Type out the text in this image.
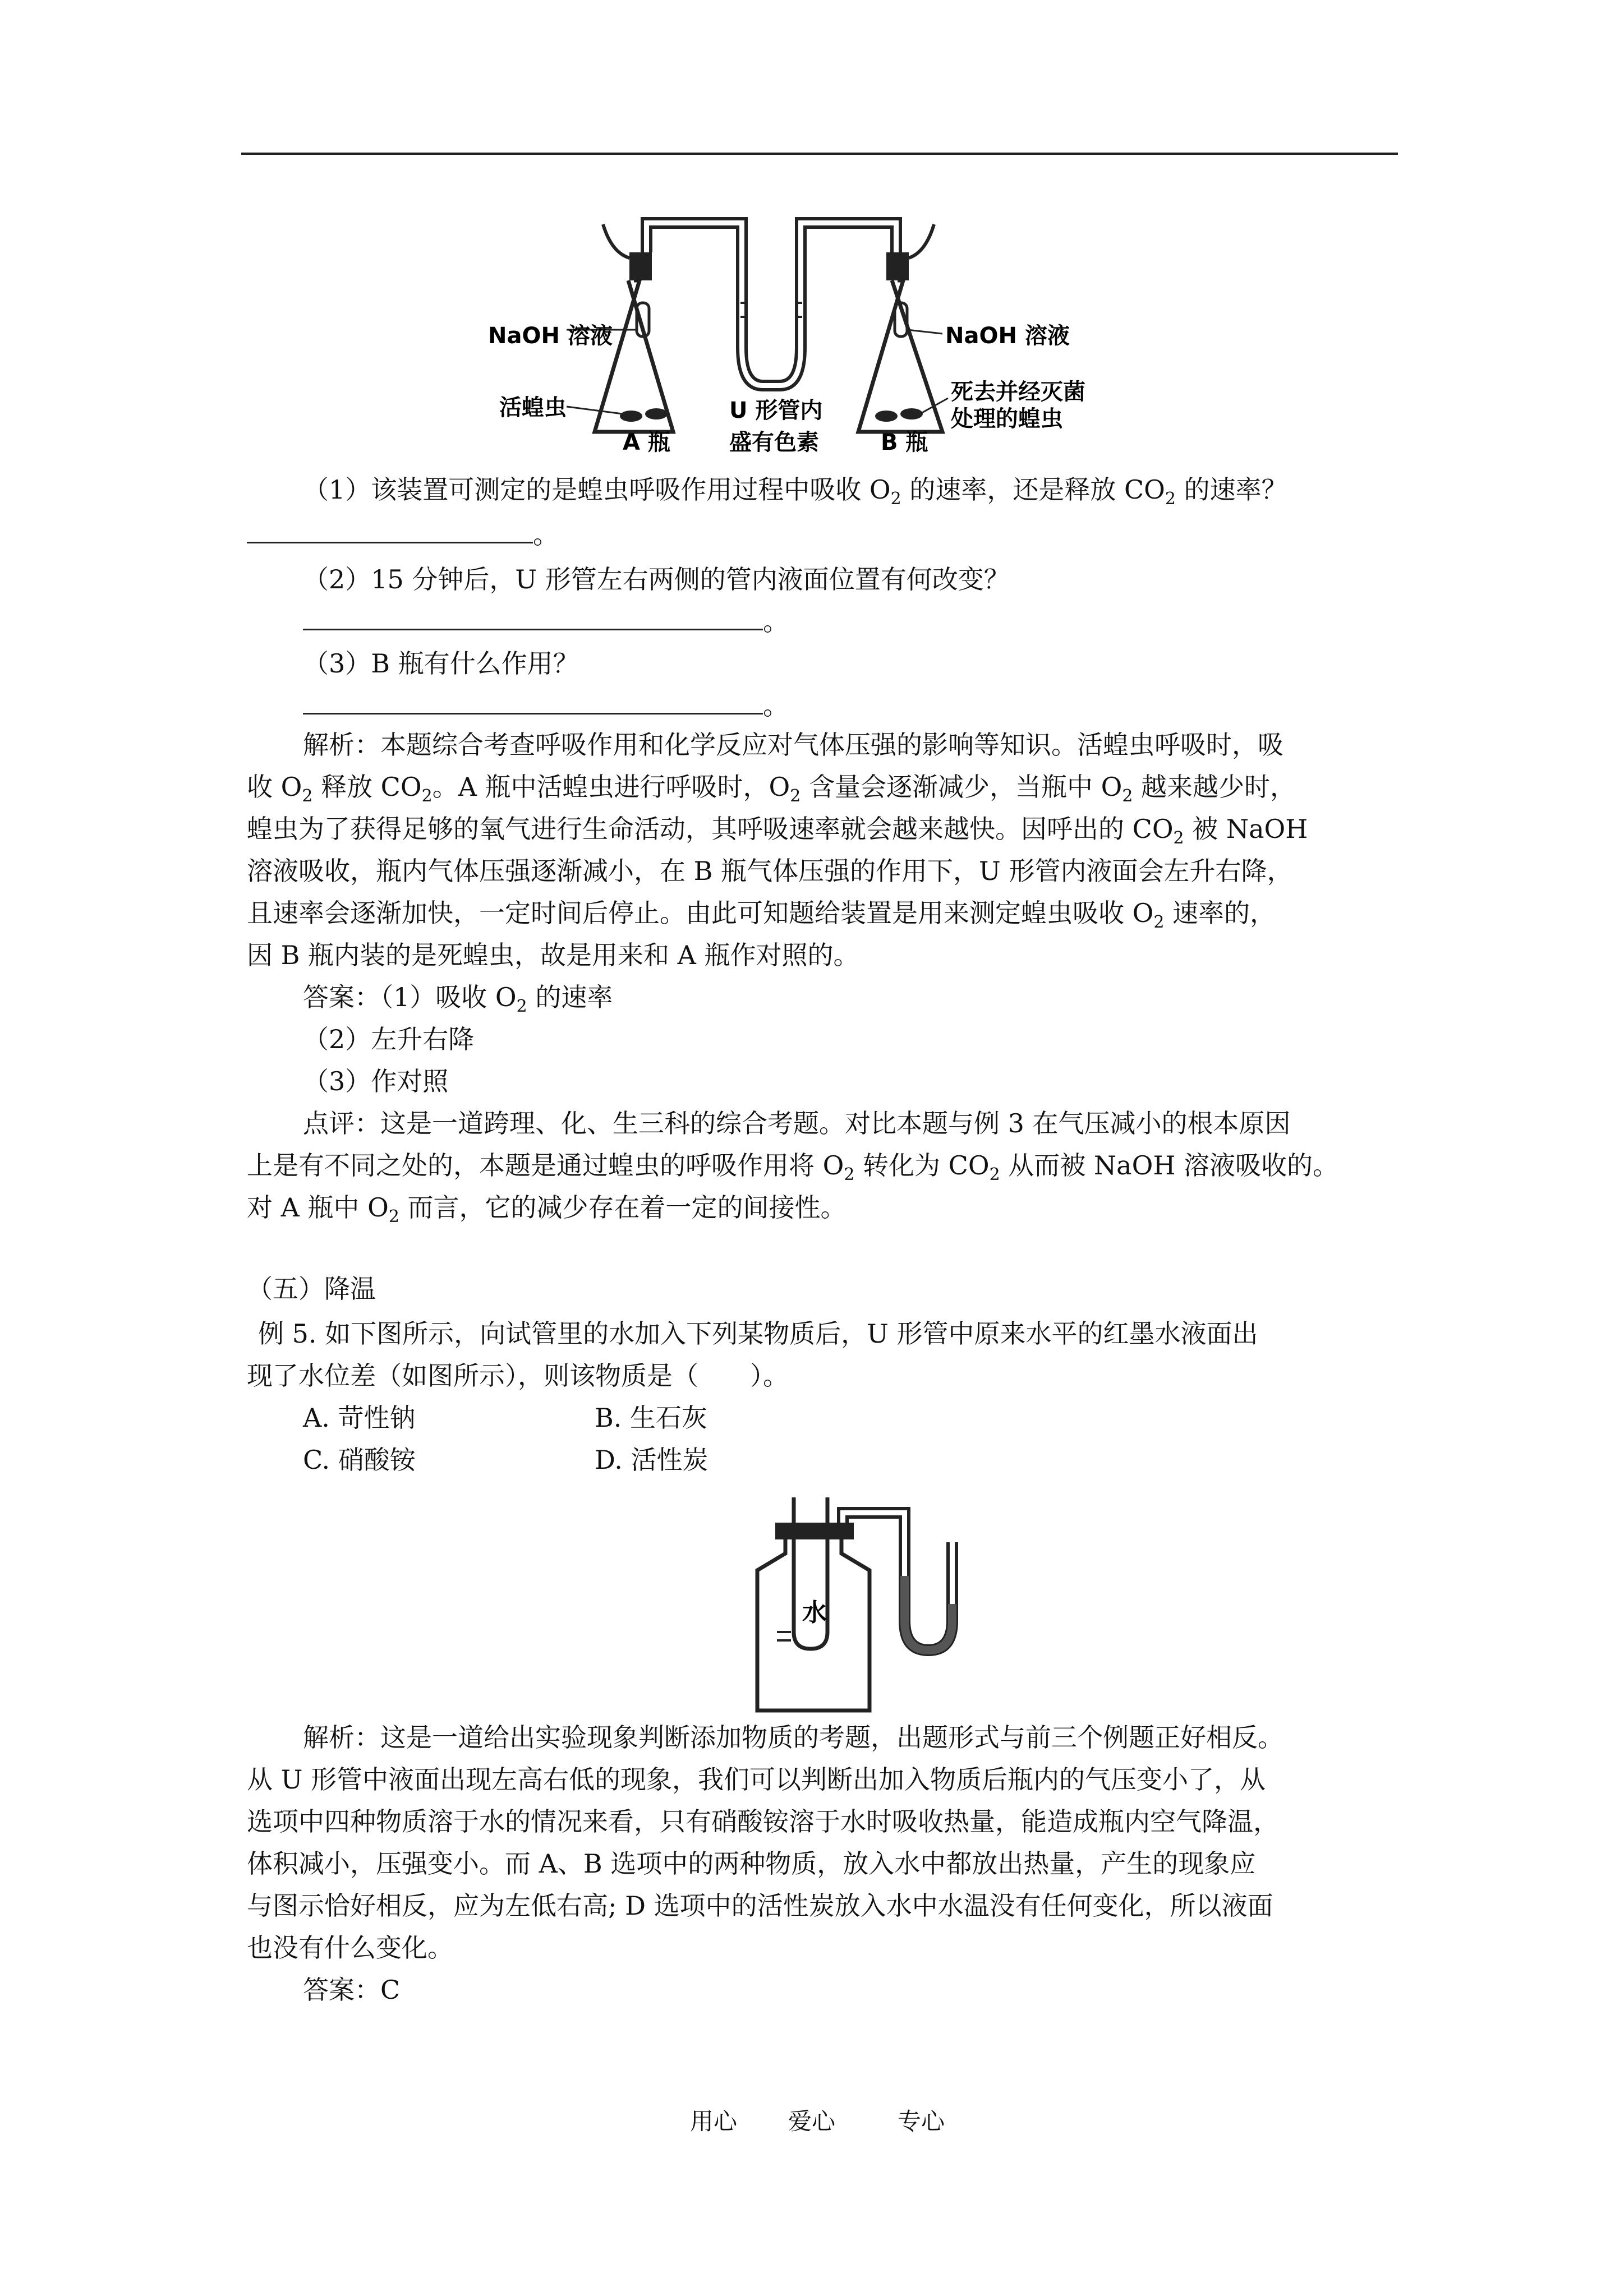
NaOH 溶液
活蝗虫
NaOH 溶液
死去并经灭菌
处理的蝗虫
U 形管内
盛有色素
A 瓶	B 瓶
（1）该装置可测定的是蝗虫呼吸作用过程中吸收 $O_2$ 的速率，还是释放 $CO_2$ 的速率？
。
（2）15 分钟后，U 形管左右两侧的管内液面位置有何改变？
。
（3）B 瓶有什么作用？
。
解析：本题综合考查呼吸作用和化学反应对气体压强的影响等知识。活蝗虫呼吸时，吸
收 $O_2$ 释放 $CO_2$。A 瓶中活蝗虫进行呼吸时，$O_2$ 含量会逐渐减少，当瓶中 $O_2$ 越来越少时，
蝗虫为了获得足够的氧气进行生命活动，其呼吸速率就会越来越快。因呼出的 $CO_2$ 被 NaOH
溶液吸收，瓶内气体压强逐渐减小，在 B 瓶气体压强的作用下，U 形管内液面会左升右降，
且速率会逐渐加快，一定时间后停止。由此可知题给装置是用来测定蝗虫吸收 $O_2$ 速率的，
因 B 瓶内装的是死蝗虫，故是用来和 A 瓶作对照的。
答案：（1）吸收 $O_2$ 的速率
（2）左升右降
（3）作对照
点评：这是一道跨理、化、生三科的综合考题。对比本题与例 3 在气压减小的根本原因
上是有不同之处的，本题是通过蝗虫的呼吸作用将 $O_2$ 转化为 $CO_2$ 从而被 NaOH 溶液吸收的。
对 A 瓶中 $O_2$ 而言，它的减少存在着一定的间接性。
（五）降温
例 5. 如下图所示，向试管里的水加入下列某物质后，U 形管中原来水平的红墨水液面出
现了水位差（如图所示），则该物质是（　　）。
A. 苛性钠	B. 生石灰
C. 硝酸铵	D. 活性炭
水
解析：这是一道给出实验现象判断添加物质的考题，出题形式与前三个例题正好相反。
从 U 形管中液面出现左高右低的现象，我们可以判断出加入物质后瓶内的气压变小了，从
选项中四种物质溶于水的情况来看，只有硝酸铵溶于水时吸收热量，能造成瓶内空气降温，
体积减小，压强变小。而 A、B 选项中的两种物质，放入水中都放出热量，产生的现象应
与图示恰好相反，应为左低右高; D 选项中的活性炭放入水中水温没有任何变化，所以液面
也没有什么变化。
答案：C
用心 爱心	专心
